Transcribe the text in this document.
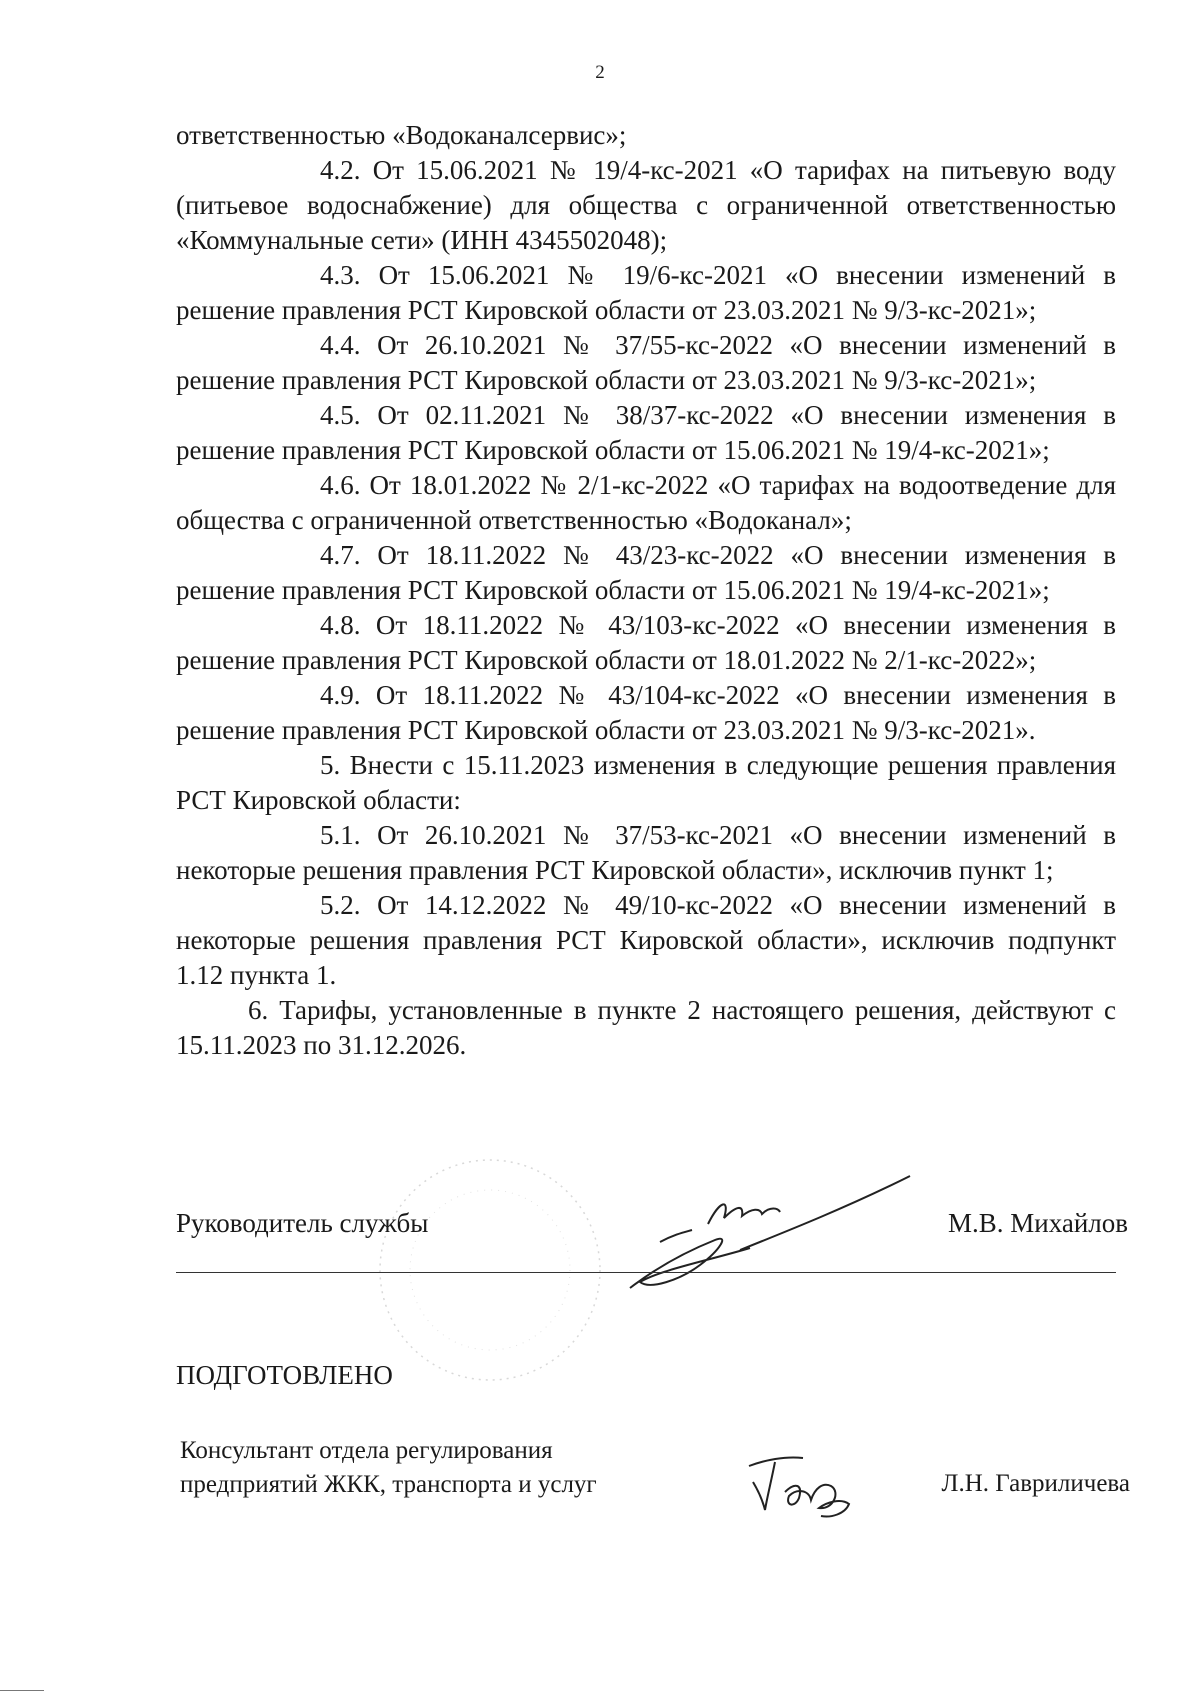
2

ответственностью «Водоканалсервис»;

4.2. От 15.06.2021 № 19/4-кс-2021 «О тарифах на питьевую воду (питьевое водоснабжение) для общества с ограниченной ответственностью «Коммунальные сети» (ИНН 4345502048);

4.3. От 15.06.2021 № 19/6-кс-2021 «О внесении изменений в решение правления РСТ Кировской области от 23.03.2021 № 9/3-кс-2021»;

4.4. От 26.10.2021 № 37/55-кс-2022 «О внесении изменений в решение правления РСТ Кировской области от 23.03.2021 № 9/3-кс-2021»;

4.5. От 02.11.2021 № 38/37-кс-2022 «О внесении изменения в решение правления РСТ Кировской области от 15.06.2021 № 19/4-кс-2021»;

4.6. От 18.01.2022 № 2/1-кс-2022 «О тарифах на водоотведение для общества с ограниченной ответственностью «Водоканал»;

4.7. От 18.11.2022 № 43/23-кс-2022 «О внесении изменения в решение правления РСТ Кировской области от 15.06.2021 № 19/4-кс-2021»;

4.8. От 18.11.2022 № 43/103-кс-2022 «О внесении изменения в решение правления РСТ Кировской области от 18.01.2022 № 2/1-кс-2022»;

4.9. От 18.11.2022 № 43/104-кс-2022 «О внесении изменения в решение правления РСТ Кировской области от 23.03.2021 № 9/3-кс-2021».

5. Внести с 15.11.2023 изменения в следующие решения правления РСТ Кировской области:

5.1. От 26.10.2021 № 37/53-кс-2021 «О внесении изменений в некоторые решения правления РСТ Кировской области», исключив пункт 1;

5.2. От 14.12.2022 № 49/10-кс-2022 «О внесении изменений в некоторые решения правления РСТ Кировской области», исключив подпункт 1.12 пункта 1.

6. Тарифы, установленные в пункте 2 настоящего решения, действуют с 15.11.2023 по 31.12.2026.

Руководитель службы	М.В. Михайлов
ПОДГОТОВЛЕНО
Консультант отдела регулирования
предприятий ЖКК, транспорта и услуг	Л.Н. Гавриличева
